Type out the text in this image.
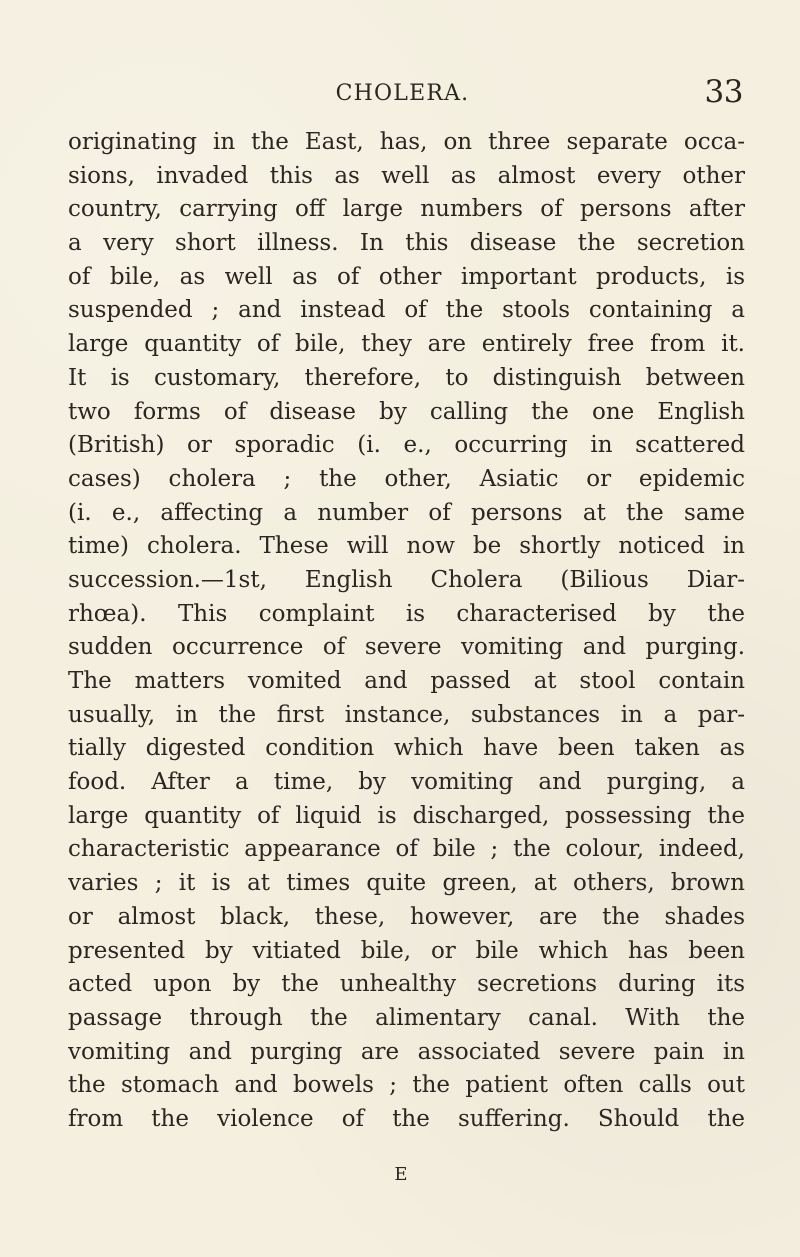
CHOLERA.	33
originating in the East, has, on three separate occa-
sions, invaded this as well as almost every other
country, carrying off large numbers of persons after
a very short illness. In this disease the secretion
of bile, as well as of other important products, is
suspended ; and instead of the stools containing a
large quantity of bile, they are entirely free from it.
It is customary, therefore, to distinguish between
two forms of disease by calling the one English
(British) or sporadic (i. e., occurring in scattered
cases) cholera ; the other, Asiatic or epidemic
(i. e., affecting a number of persons at the same
time) cholera. These will now be shortly noticed in
succession.—1st, English Cholera (Bilious Diar-
rhœa). This complaint is characterised by the
sudden occurrence of severe vomiting and purging.
The matters vomited and passed at stool contain
usually, in the first instance, substances in a par-
tially digested condition which have been taken as
food. After a time, by vomiting and purging, a
large quantity of liquid is discharged, possessing the
characteristic appearance of bile ; the colour, indeed,
varies ; it is at times quite green, at others, brown
or almost black, these, however, are the shades
presented by vitiated bile, or bile which has been
acted upon by the unhealthy secretions during its
passage through the alimentary canal. With the
vomiting and purging are associated severe pain in
the stomach and bowels ; the patient often calls out
from the violence of the suffering. Should the
E
